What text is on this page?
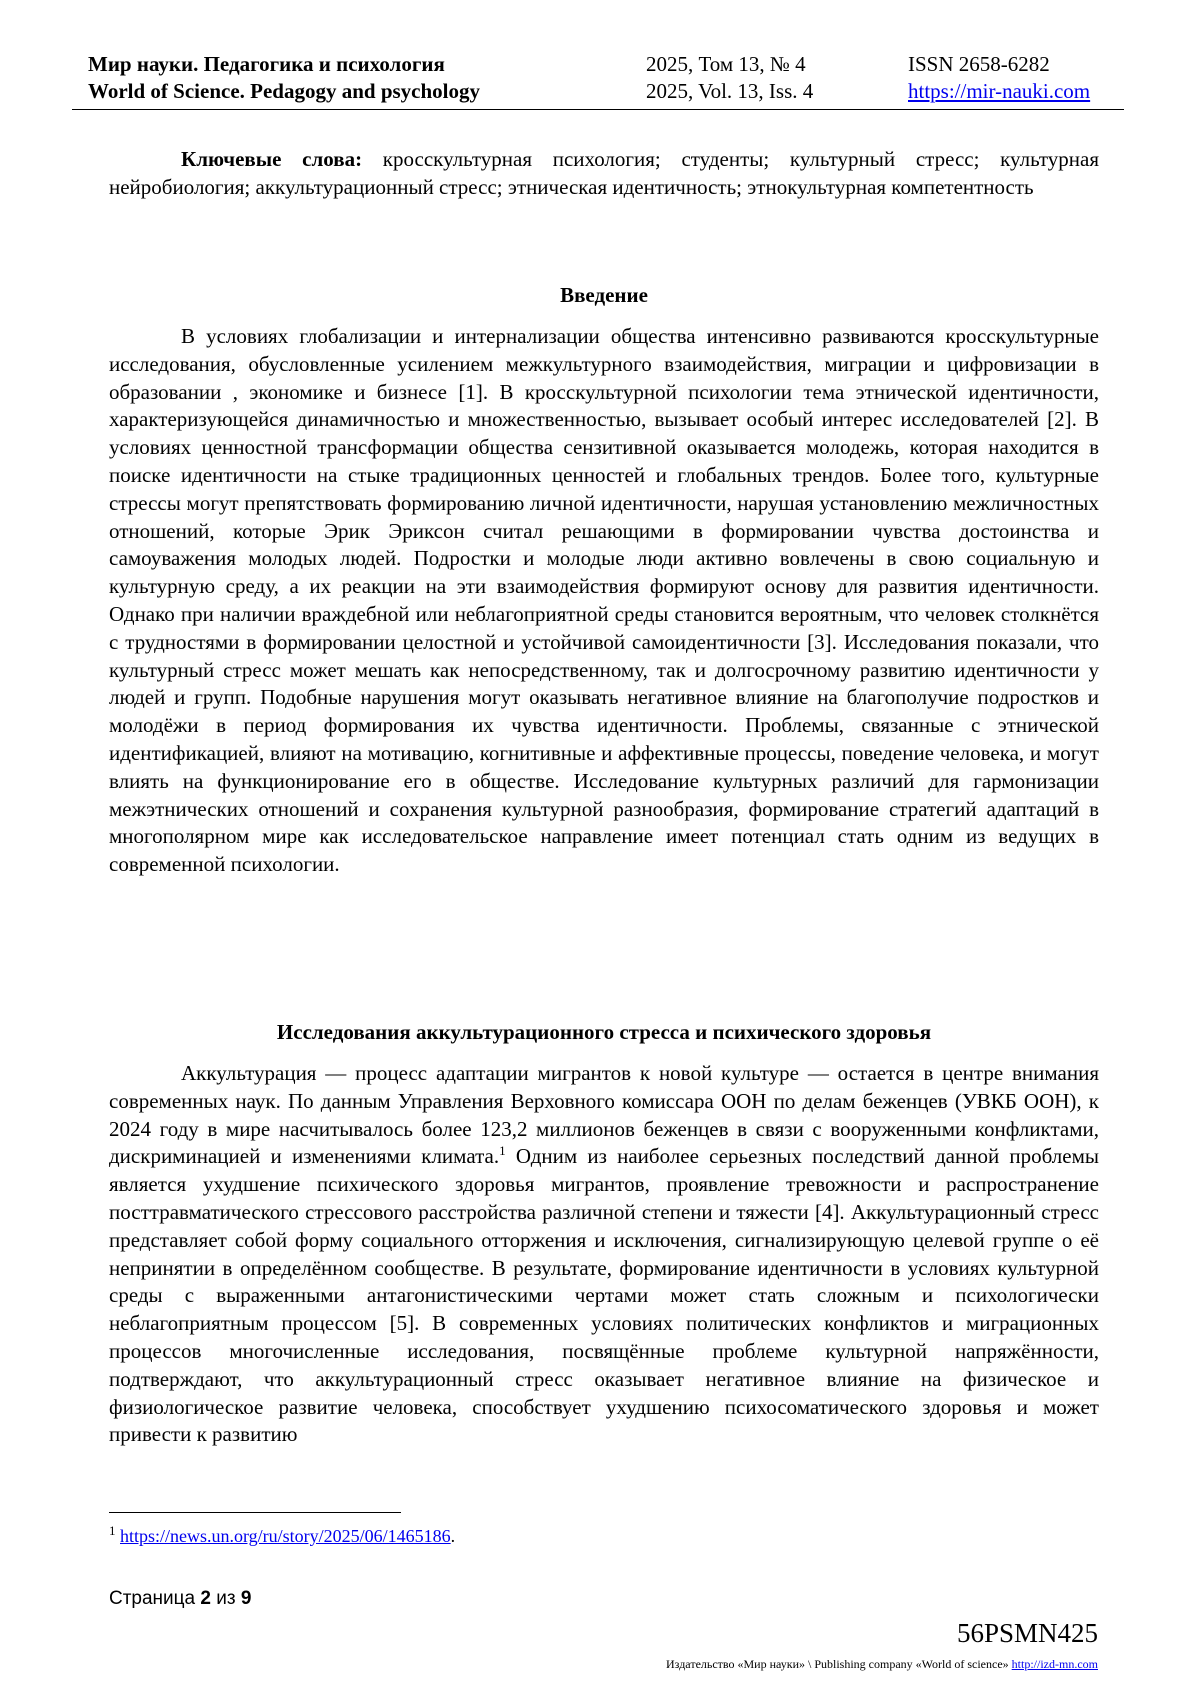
Мир науки. Педагогика и психология	2025, Том 13, № 4	ISSN 2658-6282
World of Science. Pedagogy and psychology	2025, Vol. 13, Iss. 4	https://mir-nauki.com

Ключевые слова: кросскультурная психология; студенты; культурный стресс; культурная нейробиология; аккультурационный стресс; этническая идентичность; этнокультурная компетентность

Введение

В условиях глобализации и интернализации общества интенсивно развиваются кросскультурные исследования, обусловленные усилением межкультурного взаимодействия, миграции и цифровизации в образовании , экономике и бизнесе [1]. В кросскультурной психологии тема этнической идентичности, характеризующейся динамичностью и множественностью, вызывает особый интерес исследователей [2]. В условиях ценностной трансформации общества сензитивной оказывается молодежь, которая находится в поиске идентичности на стыке традиционных ценностей и глобальных трендов. Более того, культурные стрессы могут препятствовать формированию личной идентичности, нарушая установлению межличностных отношений, которые Эрик Эриксон считал решающими в формировании чувства достоинства и самоуважения молодых людей. Подростки и молодые люди активно вовлечены в свою социальную и культурную среду, а их реакции на эти взаимодействия формируют основу для развития идентичности. Однако при наличии враждебной или неблагоприятной среды становится вероятным, что человек столкнётся с трудностями в формировании целостной и устойчивой самоидентичности [3]. Исследования показали, что культурный стресс может мешать как непосредственному, так и долгосрочному развитию идентичности у людей и групп. Подобные нарушения могут оказывать негативное влияние на благополучие подростков и молодёжи в период формирования их чувства идентичности. Проблемы, связанные с этнической идентификацией, влияют на мотивацию, когнитивные и аффективные процессы, поведение человека, и могут влиять на функционирование его в обществе. Исследование культурных различий для гармонизации межэтнических отношений и сохранения культурной разнообразия, формирование стратегий адаптаций в многополярном мире как исследовательское направление имеет потенциал стать одним из ведущих в современной психологии.

Исследования аккультурационного стресса и психического здоровья

Аккультурация — процесс адаптации мигрантов к новой культуре — остается в центре внимания современных наук. По данным Управления Верховного комиссара ООН по делам беженцев (УВКБ ООН), к 2024 году в мире насчитывалось более 123,2 миллионов беженцев в связи с вооруженными конфликтами, дискриминацией и изменениями климата.$^1$ Одним из наиболее серьезных последствий данной проблемы является ухудшение психического здоровья мигрантов, проявление тревожности и распространение посттравматического стрессового расстройства различной степени и тяжести [4]. Аккультурационный стресс представляет собой форму социального отторжения и исключения, сигнализирующую целевой группе о её непринятии в определённом сообществе. В результате, формирование идентичности в условиях культурной среды с выраженными антагонистическими чертами может стать сложным и психологически неблагоприятным процессом [5]. В современных условиях политических конфликтов и миграционных процессов многочисленные исследования, посвящённые проблеме культурной напряжённости, подтверждают, что аккультурационный стресс оказывает негативное влияние на физическое и физиологическое развитие человека, способствует ухудшению психосоматического здоровья и может привести к развитию

$^1$ https://news.un.org/ru/story/2025/06/1465186.
Страница 2 из 9
56PSMN425
Издательство «Мир науки» \ Publishing company «World of science» http://izd-mn.com
